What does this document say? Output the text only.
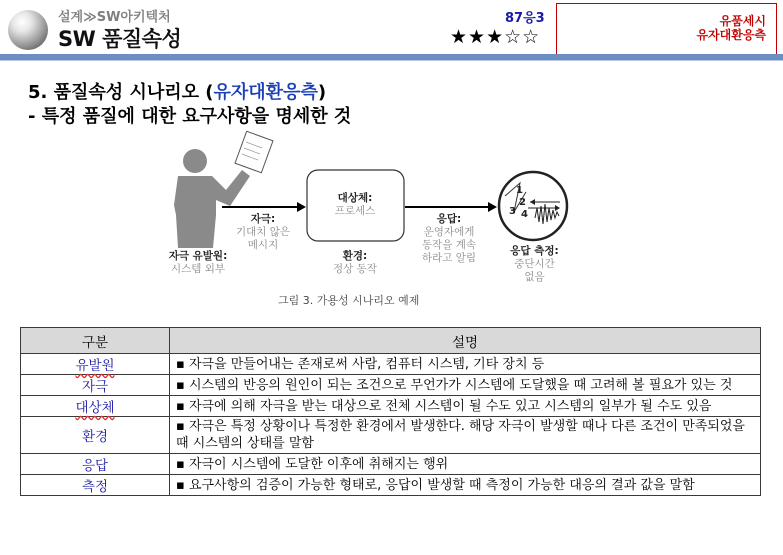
설계≫SW아키텍처
SW 품질속성
87응3
★★★☆☆
유품세시
유자대환응측
5. 품질속성 시나리오 (유자대환응측)
- 특정 품질에 대한 요구사항을 명세한 것
1
2
3 4
자극 유발원:
시스템 외부
자극:
기대치 않은
메시지
대상체:
프로세스
환경:
정상 동작
응답:
운영자에게
동작을 계속
하라고 알림
응답 측정:
중단시간
없음
그림 3. 가용성 시나리오 예제
구분	설명
유발원	▪ 자극을 만들어내는 존재로써 사람, 컴퓨터 시스템, 기타 장치 등
자극	▪ 시스템의 반응의 원인이 되는 조건으로 무언가가 시스템에 도달했을 때 고려해 볼 필요가 있는 것
대상체	▪ 자극에 의해 자극을 받는 대상으로 전체 시스템이 될 수도 있고 시스템의 일부가 될 수도 있음
환경	▪ 자극은 특정 상황이나 특정한 환경에서 발생한다. 해당 자극이 발생할 때나 다른 조건이 만족되었을 때 시스템의 상태를 말함
응답	▪ 자극이 시스템에 도달한 이후에 취해지는 행위
측정	▪ 요구사항의 검증이 가능한 형태로, 응답이 발생할 때 측정이 가능한 대응의 결과 값을 말함
